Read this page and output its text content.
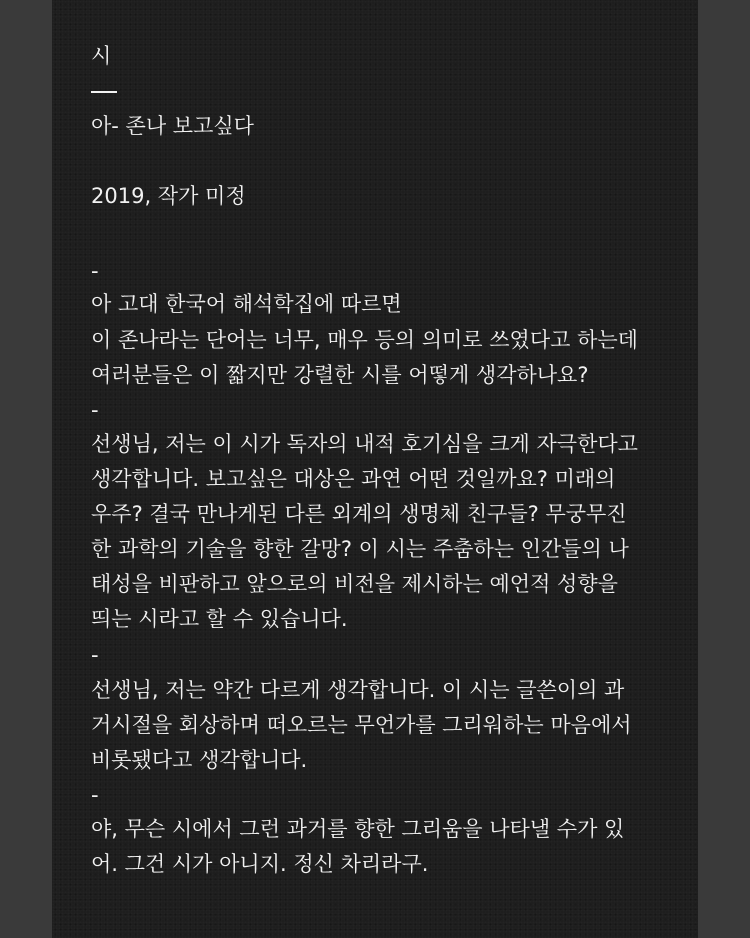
시
아- 존나 보고싶다
2019, 작가 미정
-
아 고대 한국어 해석학집에 따르면
이 존나라는 단어는 너무, 매우 등의 의미로 쓰였다고 하는데
여러분들은 이 짧지만 강렬한 시를 어떻게 생각하나요?
-
선생님, 저는 이 시가 독자의 내적 호기심을 크게 자극한다고
생각합니다. 보고싶은 대상은 과연 어떤 것일까요? 미래의
우주? 결국 만나게된 다른 외계의 생명체 친구들? 무궁무진
한 과학의 기술을 향한 갈망? 이 시는 주춤하는 인간들의 나
태성을 비판하고 앞으로의 비전을 제시하는 예언적 성향을
띄는 시라고 할 수 있습니다.
-
선생님, 저는 약간 다르게 생각합니다. 이 시는 글쓴이의 과
거시절을 회상하며 떠오르는 무언가를 그리워하는 마음에서
비롯됐다고 생각합니다.
-
야, 무슨 시에서 그런 과거를 향한 그리움을 나타낼 수가 있
어. 그건 시가 아니지. 정신 차리라구.
